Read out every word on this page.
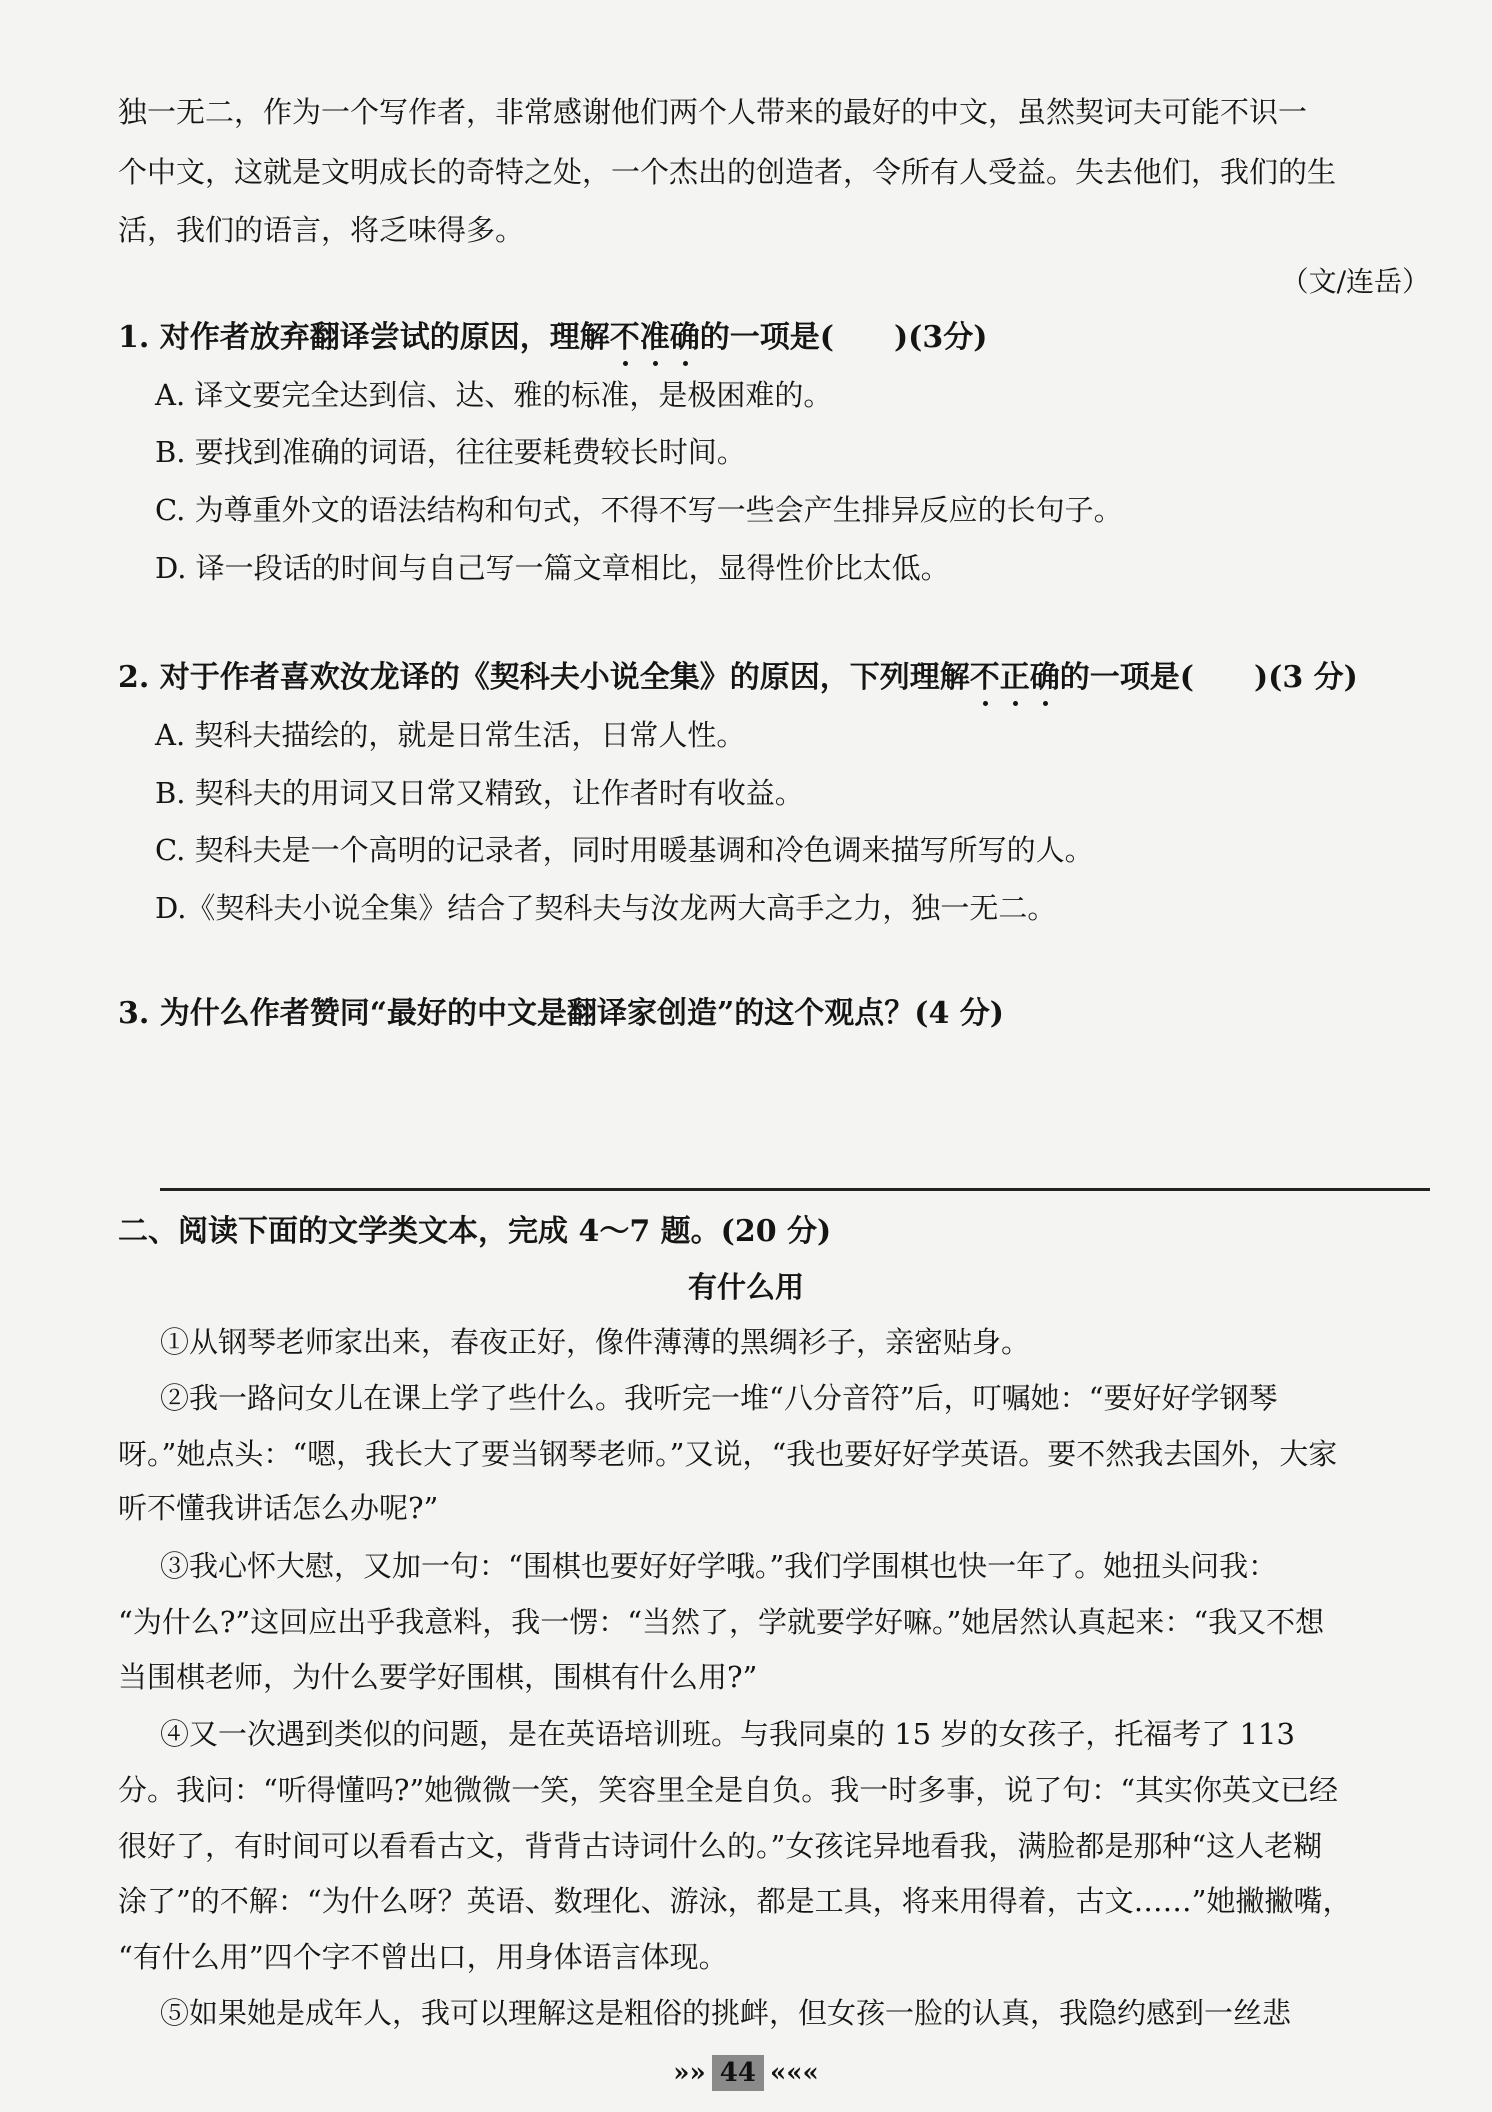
独一无二，作为一个写作者，非常感谢他们两个人带来的最好的中文，虽然契诃夫可能不识一
个中文，这就是文明成长的奇特之处，一个杰出的创造者，令所有人受益。失去他们，我们的生
活，我们的语言，将乏味得多。
（文/连岳）
1. 对作者放弃翻译尝试的原因，理解不准确的一项是(　　)(3分)
A. 译文要完全达到信、达、雅的标准，是极困难的。
B. 要找到准确的词语，往往要耗费较长时间。
C. 为尊重外文的语法结构和句式，不得不写一些会产生排异反应的长句子。
D. 译一段话的时间与自己写一篇文章相比，显得性价比太低。
2. 对于作者喜欢汝龙译的《契科夫小说全集》的原因，下列理解不正确的一项是(　　)(3 分)
A. 契科夫描绘的，就是日常生活，日常人性。
B. 契科夫的用词又日常又精致，让作者时有收益。
C. 契科夫是一个高明的记录者，同时用暖基调和冷色调来描写所写的人。
D.《契科夫小说全集》结合了契科夫与汝龙两大高手之力，独一无二。
3. 为什么作者赞同“最好的中文是翻译家创造”的这个观点？(4 分)
二、阅读下面的文学类文本，完成 4～7 题。(20 分)
有什么用
①从钢琴老师家出来，春夜正好，像件薄薄的黑绸衫子，亲密贴身。
②我一路问女儿在课上学了些什么。我听完一堆“八分音符”后，叮嘱她：“要好好学钢琴
呀。”她点头：“嗯，我长大了要当钢琴老师。”又说，“我也要好好学英语。要不然我去国外，大家
听不懂我讲话怎么办呢?”
③我心怀大慰，又加一句：“围棋也要好好学哦。”我们学围棋也快一年了。她扭头问我：
“为什么?”这回应出乎我意料，我一愣：“当然了，学就要学好嘛。”她居然认真起来：“我又不想
当围棋老师，为什么要学好围棋，围棋有什么用?”
④又一次遇到类似的问题，是在英语培训班。与我同桌的 15 岁的女孩子，托福考了 113
分。我问：“听得懂吗?”她微微一笑，笑容里全是自负。我一时多事，说了句：“其实你英文已经
很好了，有时间可以看看古文，背背古诗词什么的。”女孩诧异地看我，满脸都是那种“这人老糊
涂了”的不解：“为什么呀？英语、数理化、游泳，都是工具，将来用得着，古文……”她撇撇嘴，
“有什么用”四个字不曾出口，用身体语言体现。
⑤如果她是成年人，我可以理解这是粗俗的挑衅，但女孩一脸的认真，我隐约感到一丝悲
»» 44 «««
